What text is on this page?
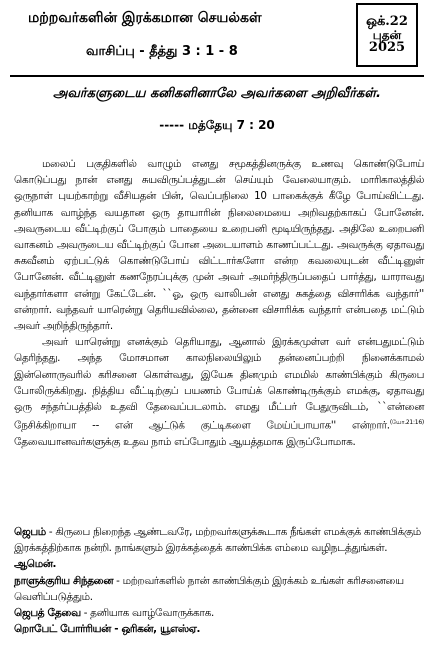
மற்றவர்களின் இரக்கமான செயல்கள்
வாசிப்பு - தீத்து 3 : 1 - 8
ஒக்.22
புதன்
2025
அவர்களுடைய கனிகளினாலே அவர்களை அறிவீர்கள்.
----- மத்தேயு 7 : 20

மலைப் பகுதிகளில் வாழும் எனது சமூகத்தினருக்கு உணவு கொண்டுபோய் கொடுப்பது நான் எனது சுயவிருப்பத்துடன் செய்யும் வேலையாகும். மாரிகாலத்தில் ஒருநாள் புயற்காற்று வீசியதன் பின், வெப்பநிலை 10 பாகைக்குக் கீழே போய்விட்டது. தனியாக வாழ்ந்த வயதான ஒரு தாயாரின் நிலைமையை அறிவதற்காகப் போனேன். அவருடைய வீட்டிற்குப் போகும் பாதையை உறைபனி மூடியிருந்தது. அதிலே உறைபனி வாகனம் அவருடைய வீட்டிற்குப் போன அடையாளம் காணப்பட்டது. அவருக்கு ஏதாவது சுகவீனம் ஏற்பட்டுக் கொண்டுபோய் விட்டார்களோ என்ற கவலையுடன் வீட்டினுள் போனேன். வீட்டினுள் கணநேரப்புக்கு முன் அவர் அமர்ந்திருப்பதைப் பார்த்து, யாராவது வந்தார்களா என்று கேட்டேன். ``ஓ, ஒரு வாலிபன் எனது சுகத்தை விசாரிக்க வந்தார்'' என்றார். வந்தவர் யாரென்று தெரியவில்லை, தன்னை விசாரிக்க வந்தார் என்பதை மட்டும் அவர் அறிந்திருந்தார்.

அவர் யாரென்று எனக்கும் தெரியாது, ஆனால் இரக்கமுள்ள வர் என்பதுமட்டும் தெரிந்தது. அந்த மோசமான காலநிலையிலும் தன்னைப்பற்றி நினைக்காமல் இன்னொருவரில் கரிசனை கொள்வது, இயேசு தினமும் எமமில் காண்பிக்கும் கிருபை போலிருக்கிறது. நித்திய வீட்டிற்குப் பயணம் போய்க் கொண்டிருக்கும் எமக்கு, ஏதாவது ஒரு சந்தர்ப்பத்தில் உதவி தேவைப்படலாம். எமது மீட்பர் பேதுருவிடம், ``என்னை நேசிக்கிறாயா -- என் ஆட்டுக் குட்டிகளை மேய்ப்பாயாக'' என்றார்.$^{(யோ.21:16)}$ தேவையானவர்களுக்கு உதவ நாம் எப்போதும் ஆயத்தமாக இருப்போமாக.

ஜெபம் - கிருபை நிறைந்த ஆண்டவரே, மற்றவர்களுக்கூடாக நீங்கள் எமக்குக் காண்பிக்கும் இரக்கத்திற்காக நன்றி. நாங்களும் இரக்கத்தைக் காண்பிக்க எம்மை வழிநடத்துங்கள். ஆமென்.
நாளுக்குரிய சிந்தனை - மற்றவர்களில் நான் காண்பிக்கும் இரக்கம் உங்கள் கரிசனையை வெளிப்படுத்தும்.
ஜெபத் தேவை - தனியாக வாழ்வோருக்காக.
றொபேட் போர்ரியன் - ஒரிகன், யூஎஸ்ஏ.
